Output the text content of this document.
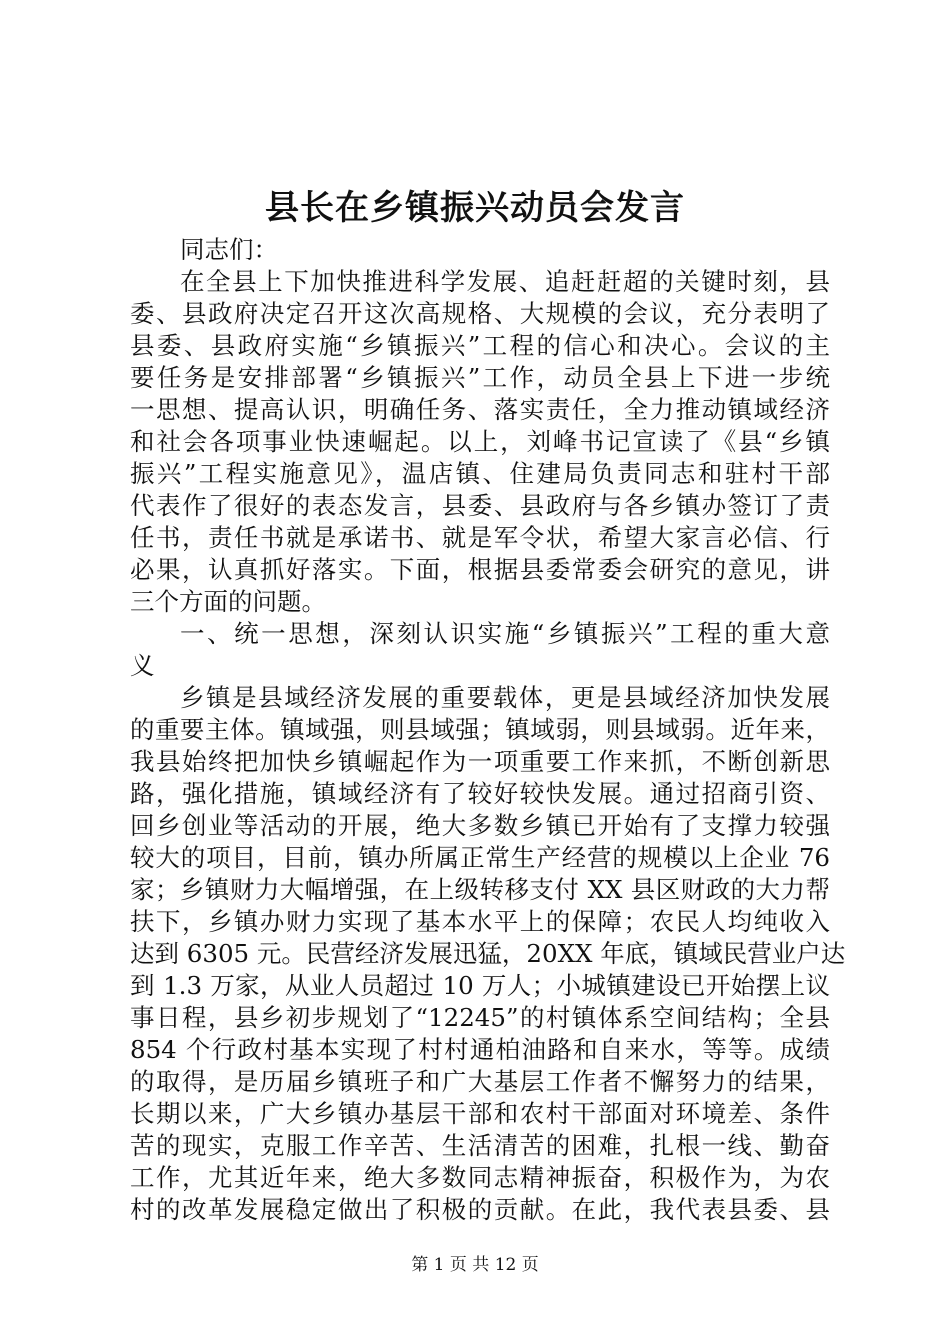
县长在乡镇振兴动员会发言
同志们：
在全县上下加快推进科学发展、追赶赶超的关键时刻，县
委、县政府决定召开这次高规格、大规模的会议，充分表明了
县委、县政府实施“乡镇振兴”工程的信心和决心。会议的主
要任务是安排部署“乡镇振兴”工作，动员全县上下进一步统
一思想、提高认识，明确任务、落实责任，全力推动镇域经济
和社会各项事业快速崛起。以上，刘峰书记宣读了《县“乡镇
振兴”工程实施意见》，温店镇、住建局负责同志和驻村干部
代表作了很好的表态发言，县委、县政府与各乡镇办签订了责
任书，责任书就是承诺书、就是军令状，希望大家言必信、行
必果，认真抓好落实。下面，根据县委常委会研究的意见，讲
三个方面的问题。
一、统一思想，深刻认识实施“乡镇振兴”工程的重大意
义
乡镇是县域经济发展的重要载体，更是县域经济加快发展
的重要主体。镇域强，则县域强；镇域弱，则县域弱。近年来，
我县始终把加快乡镇崛起作为一项重要工作来抓，不断创新思
路，强化措施，镇域经济有了较好较快发展。通过招商引资、
回乡创业等活动的开展，绝大多数乡镇已开始有了支撑力较强
较大的项目，目前，镇办所属正常生产经营的规模以上企业 76
家；乡镇财力大幅增强，在上级转移支付 XX 县区财政的大力帮
扶下，乡镇办财力实现了基本水平上的保障；农民人均纯收入
达到 6305 元。民营经济发展迅猛，20XX 年底，镇域民营业户达
到 1.3 万家，从业人员超过 10 万人；小城镇建设已开始摆上议
事日程，县乡初步规划了“12245”的村镇体系空间结构；全县
854 个行政村基本实现了村村通柏油路和自来水，等等。成绩
的取得，是历届乡镇班子和广大基层工作者不懈努力的结果，
长期以来，广大乡镇办基层干部和农村干部面对环境差、条件
苦的现实，克服工作辛苦、生活清苦的困难，扎根一线、勤奋
工作，尤其近年来，绝大多数同志精神振奋，积极作为，为农
村的改革发展稳定做出了积极的贡献。在此，我代表县委、县
第 1 页 共 12 页
